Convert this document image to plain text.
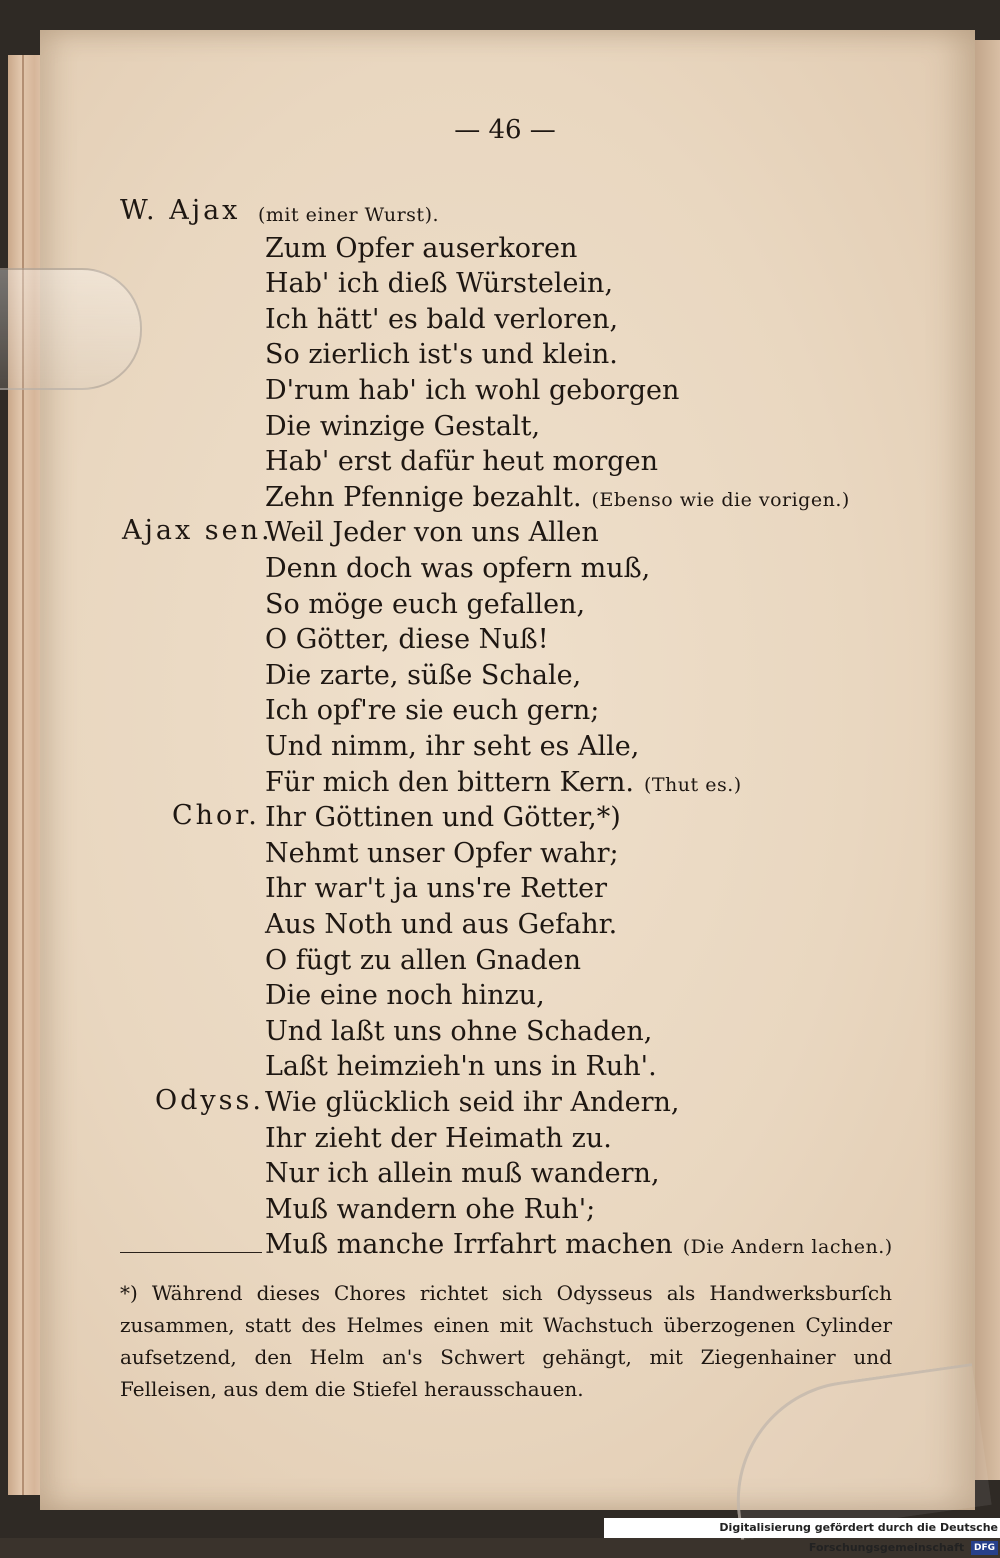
— 46 —
W. Ajax (mit einer Wurst).
Zum Opfer auserkoren
Hab' ich dieß Würstelein,
Ich hätt' es bald verloren,
So zierlich ist's und klein.
D'rum hab' ich wohl geborgen
Die winzige Gestalt,
Hab' erst dafür heut morgen
Zehn Pfennige bezahlt. (Ebenso wie die vorigen.)
Ajax sen.
Weil Jeder von uns Allen
Denn doch was opfern muß,
So möge euch gefallen,
O Götter, diese Nuß!
Die zarte, süße Schale,
Ich opf're sie euch gern;
Und nimm, ihr seht es Alle,
Für mich den bittern Kern. (Thut es.)
Chor. Ihr Göttinen und Götter,*)
Nehmt unser Opfer wahr;
Ihr war't ja uns're Retter
Aus Noth und aus Gefahr.
O fügt zu allen Gnaden
Die eine noch hinzu,
Und laßt uns ohne Schaden,
Laßt heimzieh'n uns in Ruh'.
Odyss. Wie glücklich seid ihr Andern,
Ihr zieht der Heimath zu.
Nur ich allein muß wandern,
Muß wandern ohe Ruh';
Muß manche Irrfahrt machen (Die Andern lachen.)
*) Während dieses Chores richtet sich Odysseus als Handwerksburſch zusammen, statt des Helmes einen mit Wachstuch überzogenen Cylinder aufsetzend, den Helm an's Schwert gehängt, mit Ziegenhainer und Felleisen, aus dem die Stiefel herausschauen.
Digitalisierung gefördert durch die Deutsche Forschungsgemeinschaft DFG
